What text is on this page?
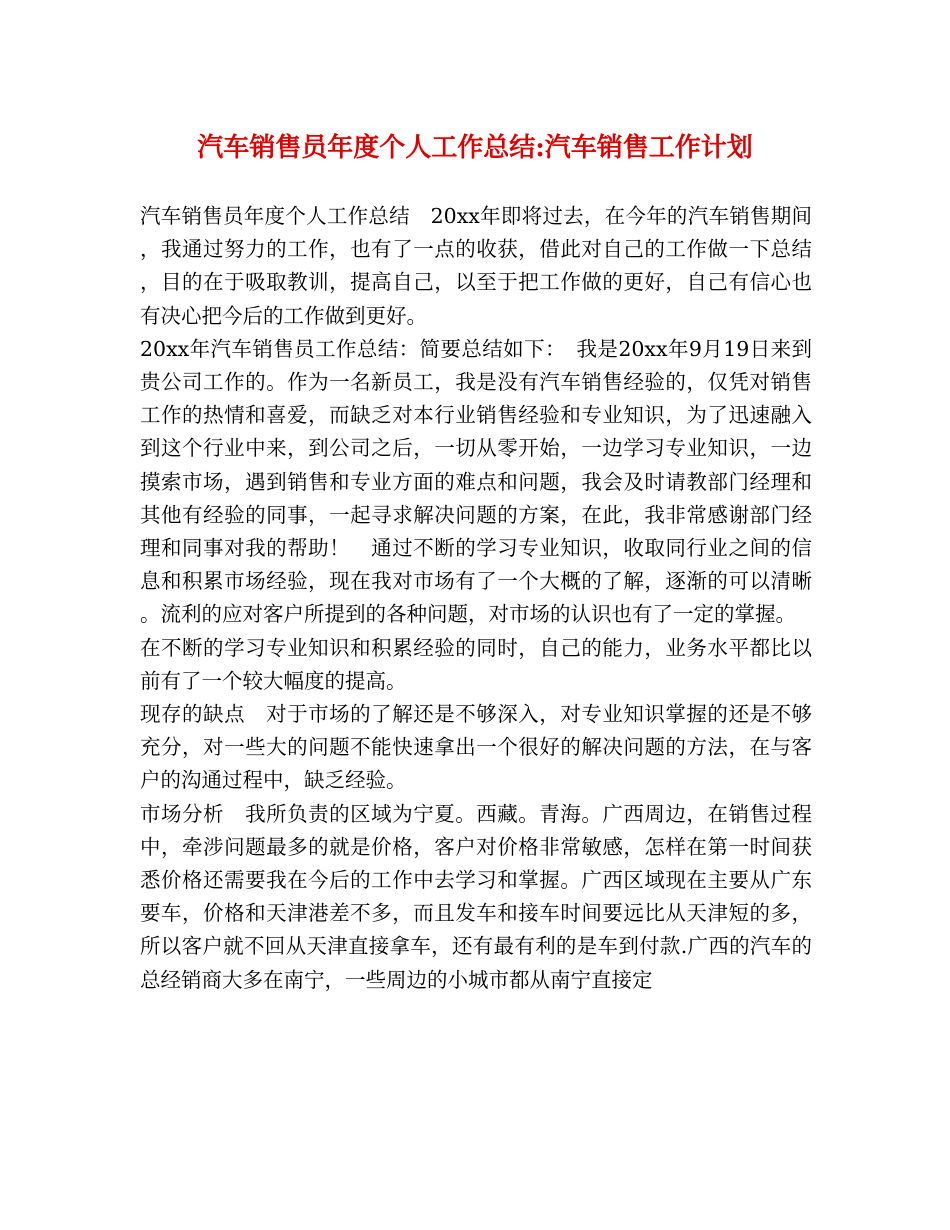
汽车销售员年度个人工作总结:汽车销售工作计划

汽车销售员年度个人工作总结　20xx年即将过去，在今年的汽车销售期间，我通过努力的工作，也有了一点的收获，借此对自己的工作做一下总结，目的在于吸取教训，提高自己，以至于把工作做的更好，自己有信心也有决心把今后的工作做到更好。

20xx年汽车销售员工作总结：简要总结如下：　我是20xx年9月19日来到贵公司工作的。作为一名新员工，我是没有汽车销售经验的，仅凭对销售工作的热情和喜爱，而缺乏对本行业销售经验和专业知识，为了迅速融入到这个行业中来，到公司之后，一切从零开始，一边学习专业知识，一边摸索市场，遇到销售和专业方面的难点和问题，我会及时请教部门经理和其他有经验的同事，一起寻求解决问题的方案，在此，我非常感谢部门经理和同事对我的帮助！　通过不断的学习专业知识，收取同行业之间的信息和积累市场经验，现在我对市场有了一个大概的了解，逐渐的可以清晰。流利的应对客户所提到的各种问题，对市场的认识也有了一定的掌握。

在不断的学习专业知识和积累经验的同时，自己的能力，业务水平都比以前有了一个较大幅度的提高。

现存的缺点　对于市场的了解还是不够深入，对专业知识掌握的还是不够充分，对一些大的问题不能快速拿出一个很好的解决问题的方法，在与客户的沟通过程中，缺乏经验。

市场分析　我所负责的区域为宁夏。西藏。青海。广西周边，在销售过程中，牵涉问题最多的就是价格，客户对价格非常敏感，怎样在第一时间获悉价格还需要我在今后的工作中去学习和掌握。广西区域现在主要从广东要车，价格和天津港差不多，而且发车和接车时间要远比从天津短的多，所以客户就不回从天津直接拿车，还有最有利的是车到付款.广西的汽车的总经销商大多在南宁，一些周边的小城市都从南宁直接定
